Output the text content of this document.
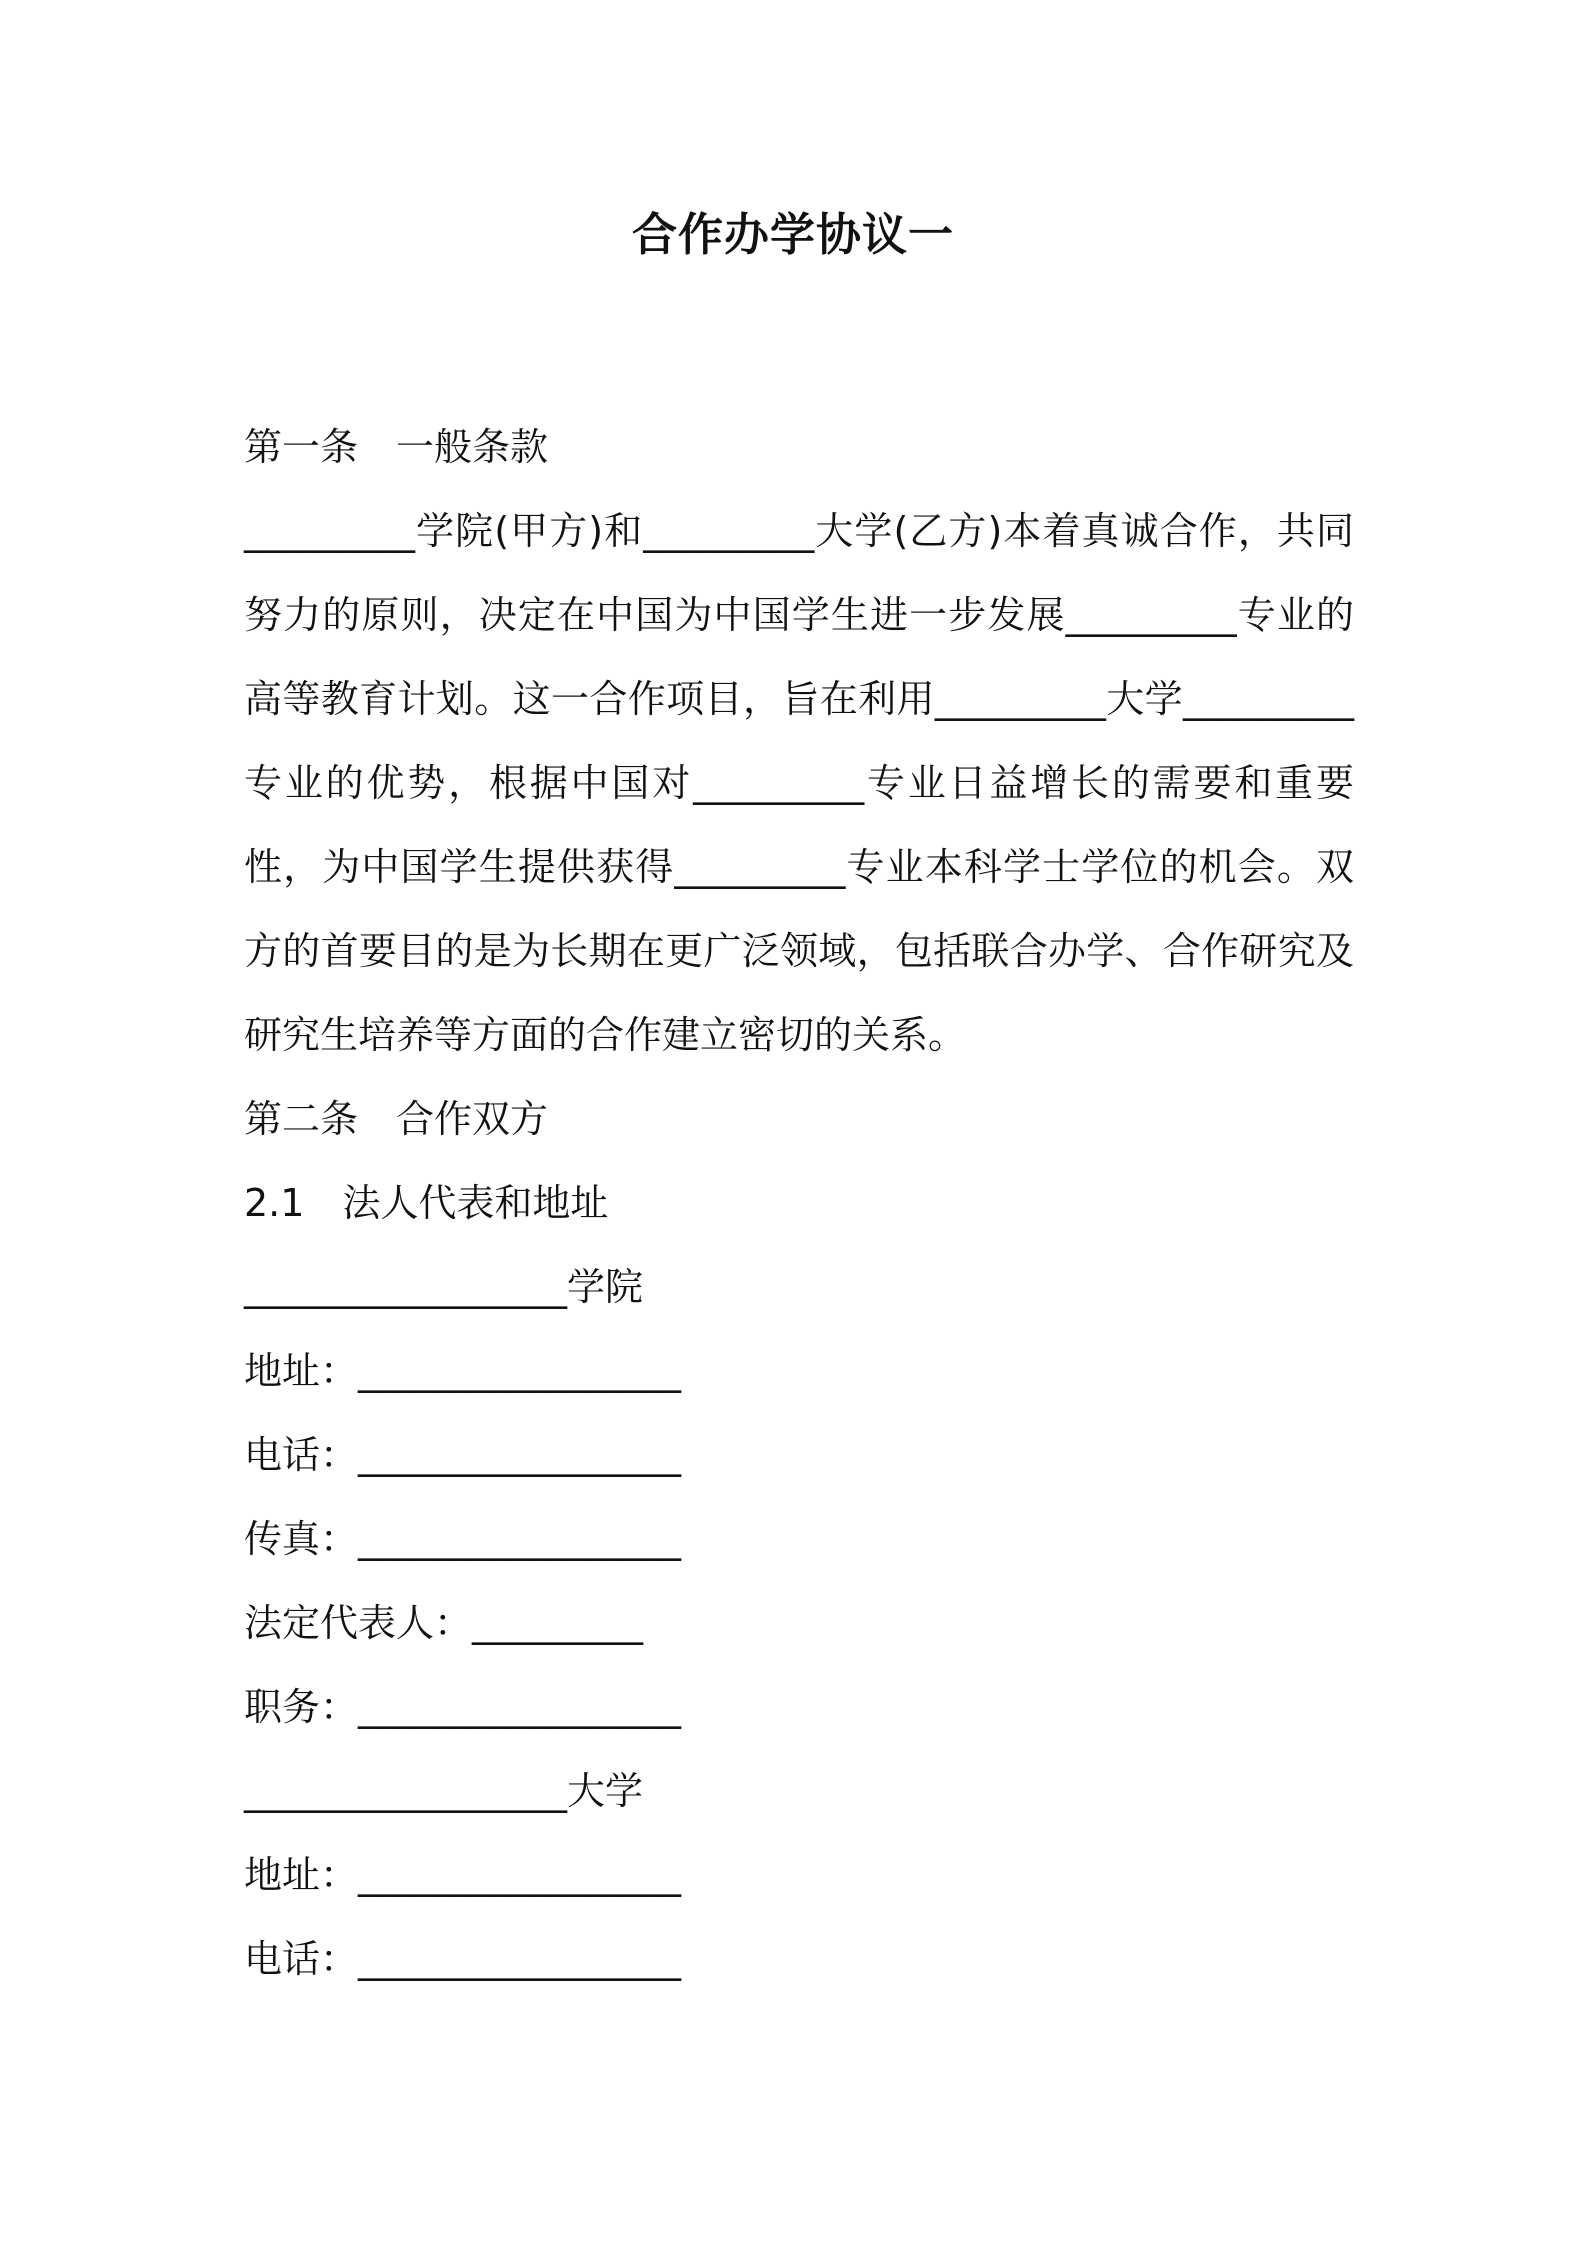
合作办学协议一

第一条　一般条款

_________学院(甲方)和_________大学(乙方)本着真诚合作，共同努力的原则，决定在中国为中国学生进一步发展_________专业的高等教育计划。这一合作项目，旨在利用_________大学_________专业的优势，根据中国对_________专业日益增长的需要和重要性，为中国学生提供获得_________专业本科学士学位的机会。双方的首要目的是为长期在更广泛领域，包括联合办学、合作研究及研究生培养等方面的合作建立密切的关系。

第二条　合作双方

2.1　法人代表和地址

_________________学院

地址：_________________

电话：_________________

传真：_________________

法定代表人：_________

职务：_________________

_________________大学

地址：_________________

电话：_________________
